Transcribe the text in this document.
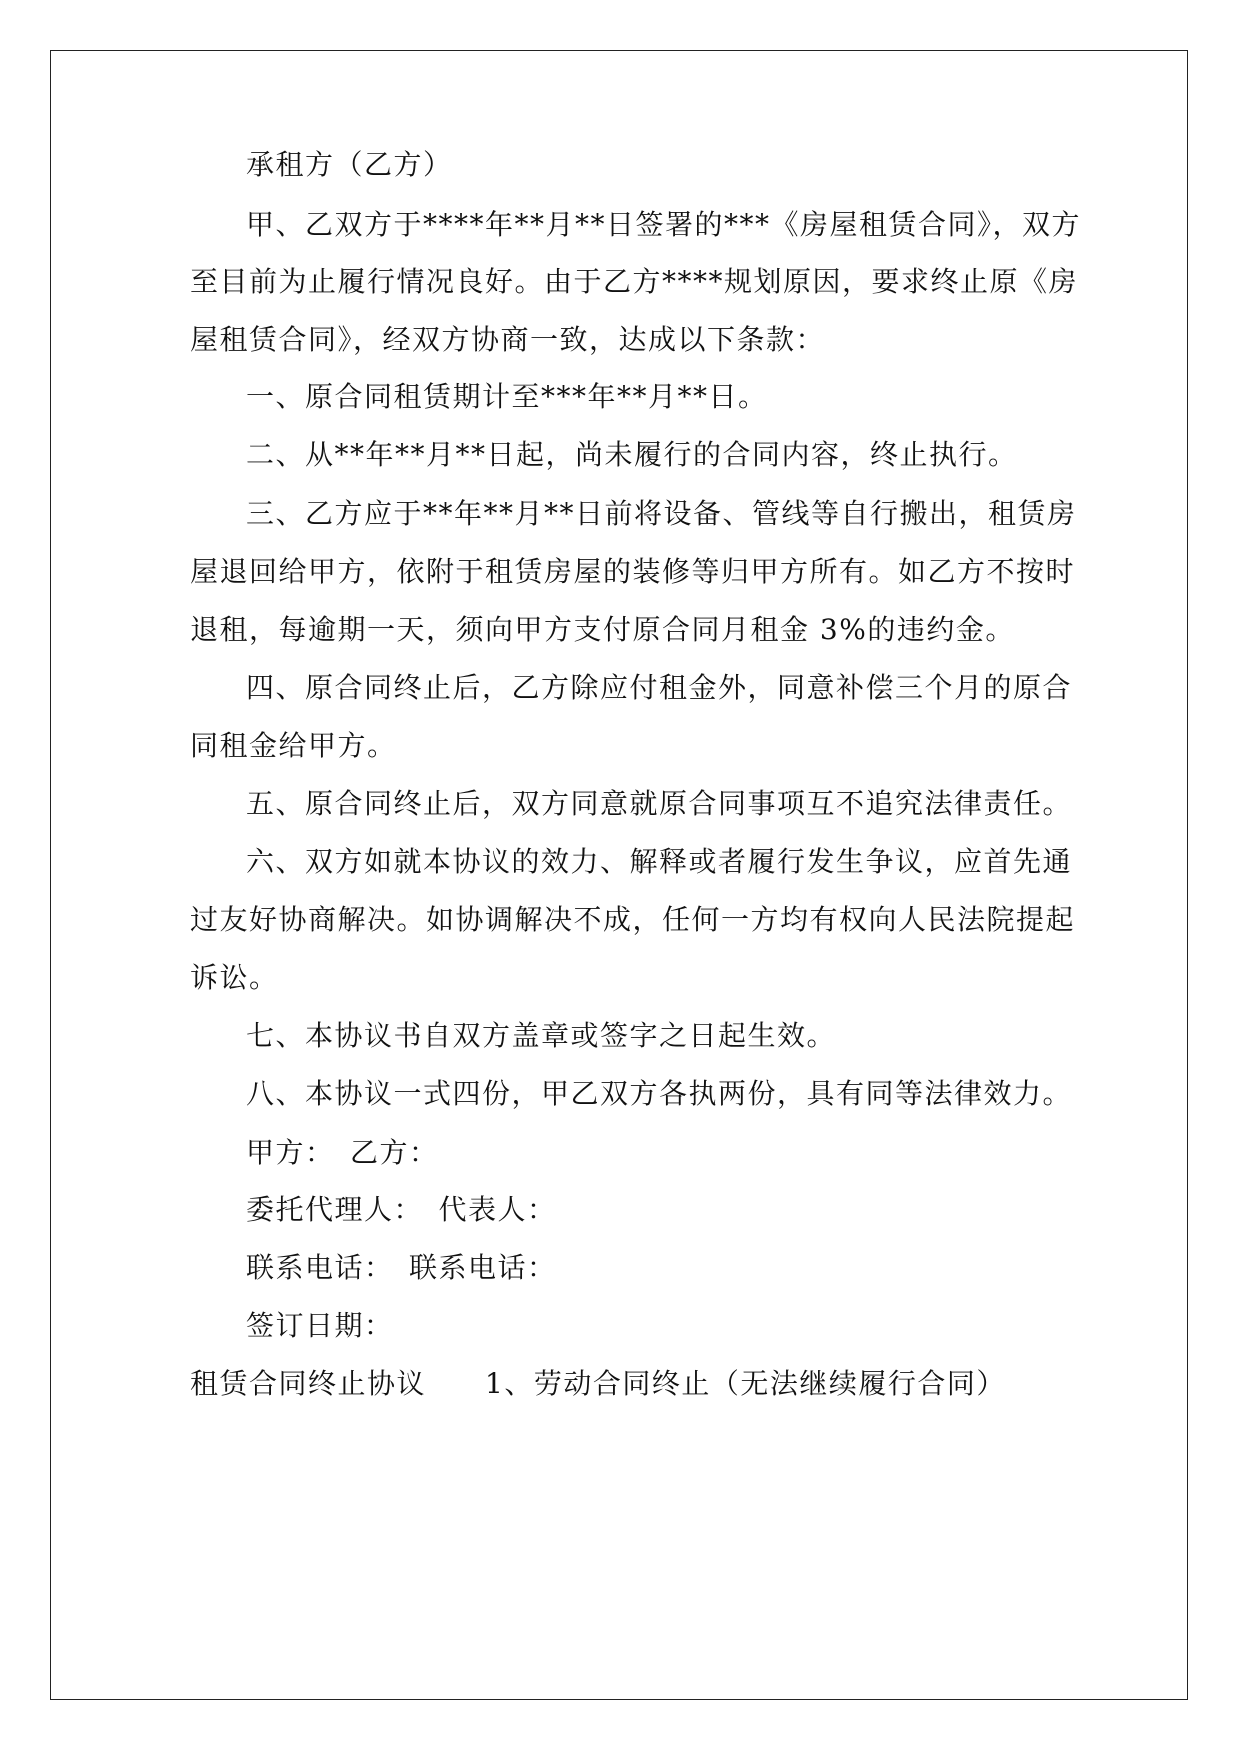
承租方（乙方）
甲、乙双方于****年**月**日签署的***《房屋租赁合同》，双方
至目前为止履行情况良好。由于乙方****规划原因，要求终止原《房
屋租赁合同》，经双方协商一致，达成以下条款：
一、原合同租赁期计至***年**月**日。
二、从**年**月**日起，尚未履行的合同内容，终止执行。
三、乙方应于**年**月**日前将设备、管线等自行搬出，租赁房
屋退回给甲方，依附于租赁房屋的装修等归甲方所有。如乙方不按时
退租，每逾期一天，须向甲方支付原合同月租金 3%的违约金。
四、原合同终止后，乙方除应付租金外，同意补偿三个月的原合
同租金给甲方。
五、原合同终止后，双方同意就原合同事项互不追究法律责任。
六、双方如就本协议的效力、解释或者履行发生争议，应首先通
过友好协商解决。如协调解决不成，任何一方均有权向人民法院提起
诉讼。
七、本协议书自双方盖章或签字之日起生效。
八、本协议一式四份，甲乙双方各执两份，具有同等法律效力。
甲方：　乙方：
委托代理人：　代表人：
联系电话：　联系电话：
签订日期：
租赁合同终止协议　　1、劳动合同终止（无法继续履行合同）
